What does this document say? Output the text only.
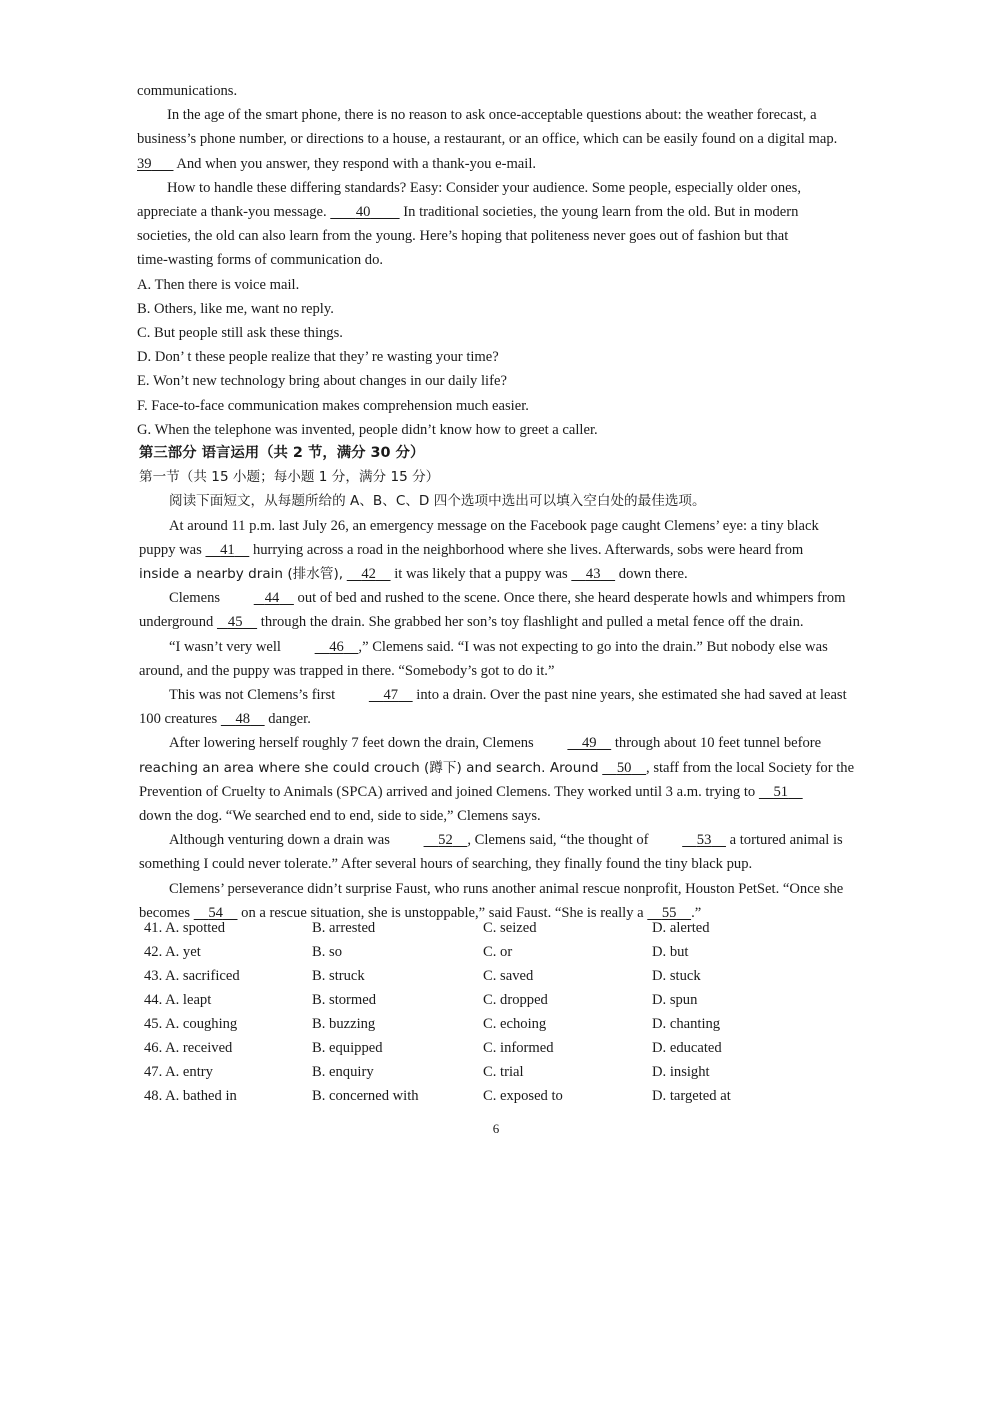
communications.

In the age of the smart phone, there is no reason to ask once-acceptable questions about: the weather forecast, a

business’s phone number, or directions to a house, a restaurant, or an office, which can be easily found on a digital map.

39 And when you answer, they respond with a thank-you e-mail.

How to handle these differing standards? Easy: Consider your audience. Some people, especially older ones,

appreciate a thank-you message. 40 In traditional societies, the young learn from the old. But in modern

societies, the old can also learn from the young. Here’s hoping that politeness never goes out of fashion but that

time-wasting forms of communication do.

A. Then there is voice mail.

B. Others, like me, want no reply.

C. But people still ask these things.

D. Don’ t these people realize that they’ re wasting your time?

E. Won’t new technology bring about changes in our daily life?

F. Face-to-face communication makes comprehension much easier.

G. When the telephone was invented, people didn’t know how to greet a caller.

第三部分 语言运用（共 2 节，满分 30 分）

第一节（共 15 小题；每小题 1 分，满分 15 分）

阅读下面短文，从每题所给的 A、B、C、D 四个选项中选出可以填入空白处的最佳选项。

At around 11 p.m. last July 26, an emergency message on the Facebook page caught Clemens’ eye: a tiny black

puppy was 41 hurrying across a road in the neighborhood where she lives. Afterwards, sobs were heard from

inside a nearby drain (排水管), 42 it was likely that a puppy was 43 down there.

Clemens	44 out of bed and rushed to the scene. Once there, she heard desperate howls and whimpers from

underground 45 through the drain. She grabbed her son’s toy flashlight and pulled a metal fence off the drain.

“I wasn’t very well	46 ,” Clemens said. “I was not expecting to go into the drain.” But nobody else was

around, and the puppy was trapped in there. “Somebody’s got to do it.”

This was not Clemens’s first	47 into a drain. Over the past nine years, she estimated she had saved at least

100 creatures 48 danger.

After lowering herself roughly 7 feet down the drain, Clemens	49 through about 10 feet tunnel before

reaching an area where she could crouch (蹲下) and search. Around 50 , staff from the local Society for the

Prevention of Cruelty to Animals (SPCA) arrived and joined Clemens. They worked until 3 a.m. trying to 51

down the dog. “We searched end to end, side to side,” Clemens says.

Although venturing down a drain was	52 , Clemens said, “the thought of	53 a tortured animal is

something I could never tolerate.” After several hours of searching, they finally found the tiny black pup.

Clemens’ perseverance didn’t surprise Faust, who runs another animal rescue nonprofit, Houston PetSet. “Once she

becomes 54 on a rescue situation, she is unstoppable,” said Faust. “She is really a 55 .”

41. A. spotted	B. arrested	C. seized	D. alerted
42. A. yet	B. so	C. or	D. but
43. A. sacrificed	B. struck	C. saved	D. stuck
44. A. leapt	B. stormed	C. dropped	D. spun
45. A. coughing	B. buzzing	C. echoing	D. chanting
46. A. received	B. equipped	C. informed	D. educated
47. A. entry	B. enquiry	C. trial	D. insight
48. A. bathed in	B. concerned with	C. exposed to	D. targeted at
6
